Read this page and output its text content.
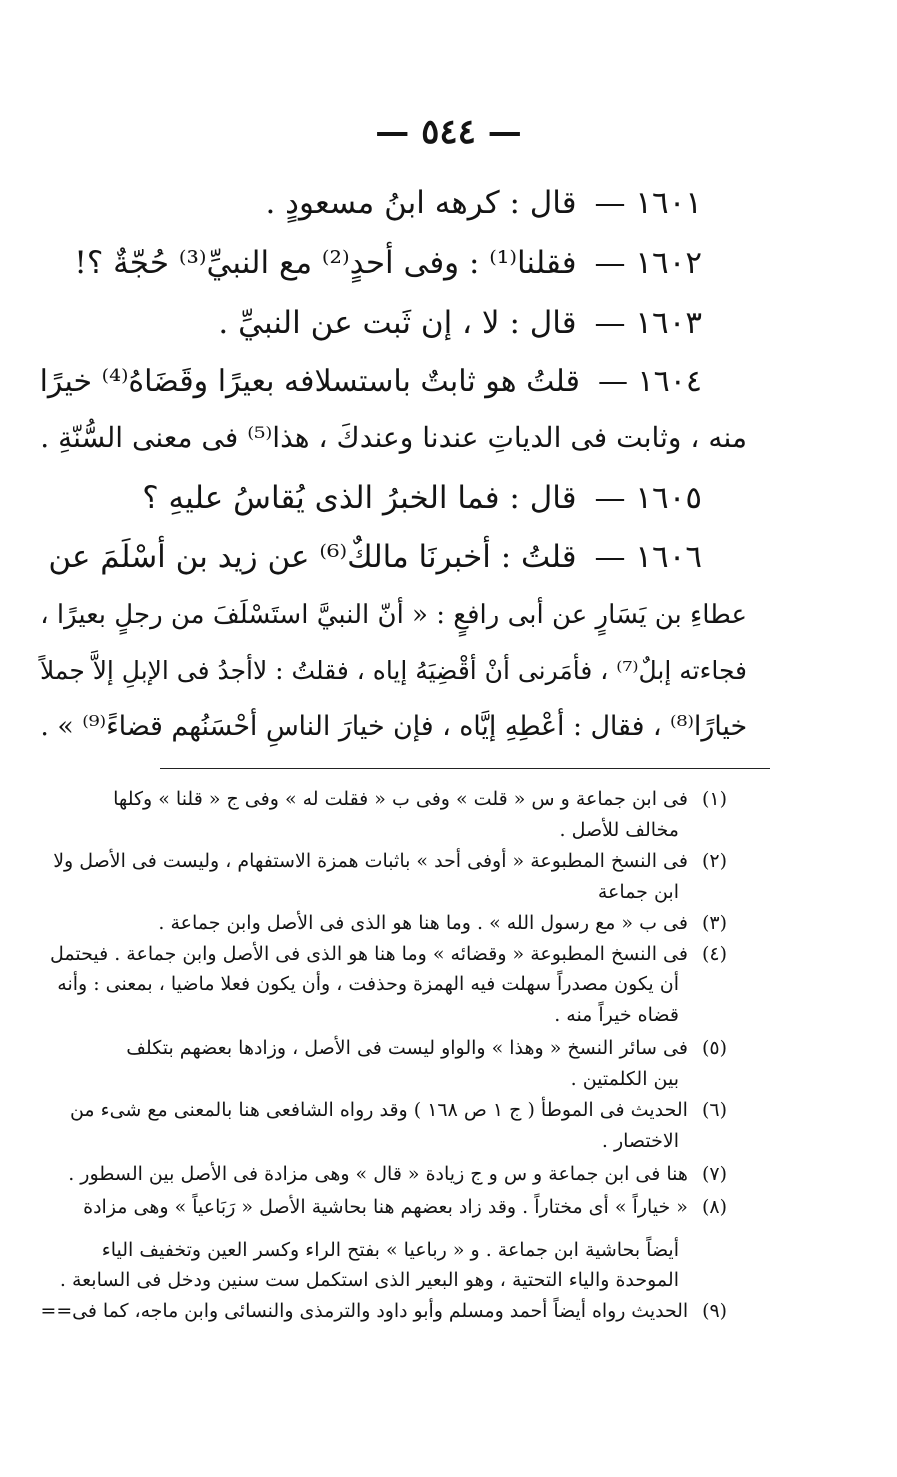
— ٥٤٤ —
١٦٠١ —قال : كرهه ابنُ مسعودٍ .
١٦٠٢ —فقلنا⁽¹⁾ : وفى أحدٍ⁽²⁾ مع النبيِّ⁽³⁾ حُجّةٌ ؟!
١٦٠٣ —قال : لا ، إن ثَبت عن النبيِّ .
١٦٠٤ —قلتُ هو ثابتٌ باستسلافه بعيرًا وقَضَاهُ⁽⁴⁾ خيرًا
منه ، وثابت فى الدياتِ عندنا وعندكَ ، هذا⁽⁵⁾ فى معنى السُّنّةِ .
١٦٠٥ —قال : فما الخبرُ الذى يُقاسُ عليهِ ؟
١٦٠٦ —قلتُ : أخبرنَا مالكٌ⁽⁶⁾ عن زيد بن أسْلَمَ عن
عطاءِ بن يَسَارٍ عن أبى رافعٍ : « أنّ النبيَّ استَسْلَفَ من رجلٍ بعيرًا ،
فجاءته إبلٌ⁽⁷⁾ ، فأمَرنى أنْ أقْضِيَهُ إياه ، فقلتُ : لاأجدُ فى الإبلِ إلاَّ جملاً
خيارًا⁽⁸⁾ ، فقال : أعْطِهِ إيَّاه ، فإن خيارَ الناسِ أحْسَنُهم قضاءً⁽⁹⁾ » .
(١)فى ابن جماعة و س « قلت » وفى ب « فقلت له » وفى ج « قلنا » وكلها
مخالف للأصل .
(٢)فى النسخ المطبوعة « أوفى أحد » باثبات همزة الاستفهام ، وليست فى الأصل ولا
ابن جماعة
(٣)فى ب « مع رسول الله » . وما هنا هو الذى فى الأصل وابن جماعة .
(٤)فى النسخ المطبوعة « وقضائه » وما هنا هو الذى فى الأصل وابن جماعة . فيحتمل
أن يكون مصدراً سهلت فيه الهمزة وحذفت ، وأن يكون فعلا ماضيا ، بمعنى : وأنه
قضاه خيراً منه .
(٥)فى سائر النسخ « وهذا » والواو ليست فى الأصل ، وزادها بعضهم بتكلف
بين الكلمتين .
(٦)الحديث فى الموطأ ( ج ١ ص ١٦٨ ) وقد رواه الشافعى هنا بالمعنى مع شىء من
الاختصار .
(٧)هنا فى ابن جماعة و س و ج زيادة « قال » وهى مزادة فى الأصل بين السطور .
(٨)« خياراً » أى مختاراً . وقد زاد بعضهم هنا بحاشية الأصل « رَبَاعياً » وهى مزادة
أيضاً بحاشية ابن جماعة . و « رباعيا » بفتح الراء وكسر العين وتخفيف الياء
الموحدة والياء التحتية ، وهو البعير الذى استكمل ست سنين ودخل فى السابعة .
(٩)الحديث رواه أيضاً أحمد ومسلم وأبو داود والترمذى والنسائى وابن ماجه، كما فى==
